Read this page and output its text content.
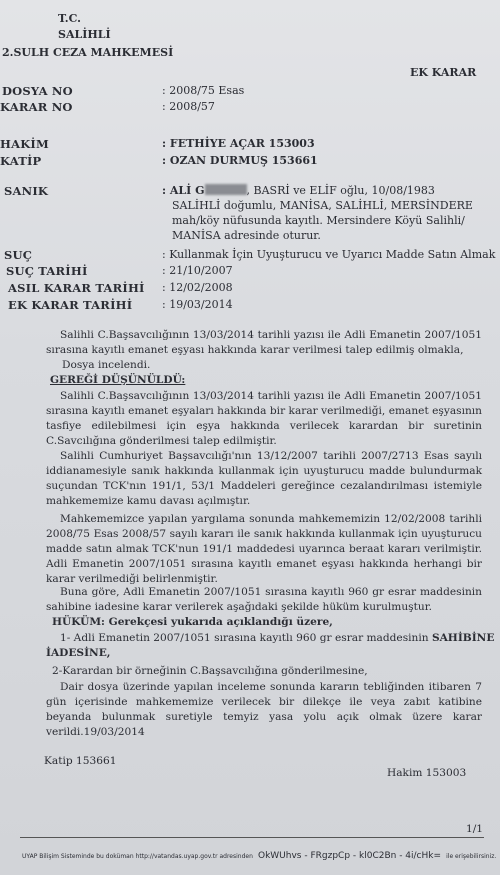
T.C.
SALİHLİ
2.SULH CEZA MAHKEMESİ
EK KARAR
DOSYA NO	: 2008/75 Esas
KARAR NO	: 2008/57
HAKİM	: FETHİYE AÇAR 153003
KATİP	: OZAN DURMUŞ 153661
SANIK	: ALİ G	, BASRİ ve ELİF oğlu, 10/08/1983
SALİHLİ doğumlu, MANİSA, SALİHLİ, MERSİNDERE
mah/köy nüfusunda kayıtlı. Mersindere Köyü Salihli/
MANİSA adresinde oturur.
SUÇ	: Kullanmak İçin Uyuşturucu ve Uyarıcı Madde Satın Almak
SUÇ TARİHİ	: 21/10/2007
ASIL KARAR TARİHİ : 12/02/2008
EK KARAR TARİHİ	: 19/03/2014
Salihli C.Başsavcılığının 13/03/2014 tarihli yazısı ile Adli Emanetin 2007/1051 sırasına kayıtlı emanet eşyası hakkında karar verilmesi talep edilmiş olmakla,
Dosya incelendi.
GEREĞİ DÜŞÜNÜLDÜ:
Salihli C.Başsavcılığının 13/03/2014 tarihli yazısı ile Adli Emanetin 2007/1051 sırasına kayıtlı emanet eşyaları hakkında bir karar verilmediği, emanet eşyasının tasfiye edilebilmesi için eşya hakkında verilecek karardan bir suretinin C.Savcılığına gönderilmesi talep edilmiştir.
Salihli Cumhuriyet Başsavcılığı'nın 13/12/2007 tarihli 2007/2713 Esas sayılı iddianamesiyle sanık hakkında kullanmak için uyuşturucu madde bulundurmak suçundan TCK'nın 191/1, 53/1 Maddeleri gereğince cezalandırılması istemiyle mahkememize kamu davası açılmıştır.
Mahkememizce yapılan yargılama sonunda mahkememizin 12/02/2008 tarihli 2008/75 Esas 2008/57 sayılı kararı ile sanık hakkında kullanmak için uyuşturucu madde satın almak TCK'nun 191/1 maddedesi uyarınca beraat kararı verilmiştir. Adli Emanetin 2007/1051 sırasına kayıtlı emanet eşyası hakkında herhangi bir karar verilmediği belirlenmiştir.
Buna göre, Adli Emanetin 2007/1051 sırasına kayıtlı 960 gr esrar maddesinin sahibine iadesine karar verilerek aşağıdaki şekilde hüküm kurulmuştur.
HÜKÜM: Gerekçesi yukarıda açıklandığı üzere,
1- Adli Emanetin 2007/1051 sırasına kayıtlı 960 gr esrar maddesinin SAHİBİNE
İADESİNE,
2-Karardan bir örneğinin C.Başsavcılığına gönderilmesine,
Dair dosya üzerinde yapılan inceleme sonunda kararın tebliğinden itibaren 7 gün içerisinde mahkememize verilecek bir dilekçe ile veya zabıt katibine beyanda bulunmak suretiyle temyiz yasa yolu açık olmak üzere karar verildi.19/03/2014
Katip 153661
Hakim 153003
1/1
UYAP Bilişim Sisteminde bu doküman http://vatandas.uyap.gov.tr adresinden OkWUhvs - FRgzpCp - kl0C2Bn - 4i/cHk= ile erişebilirsiniz.
